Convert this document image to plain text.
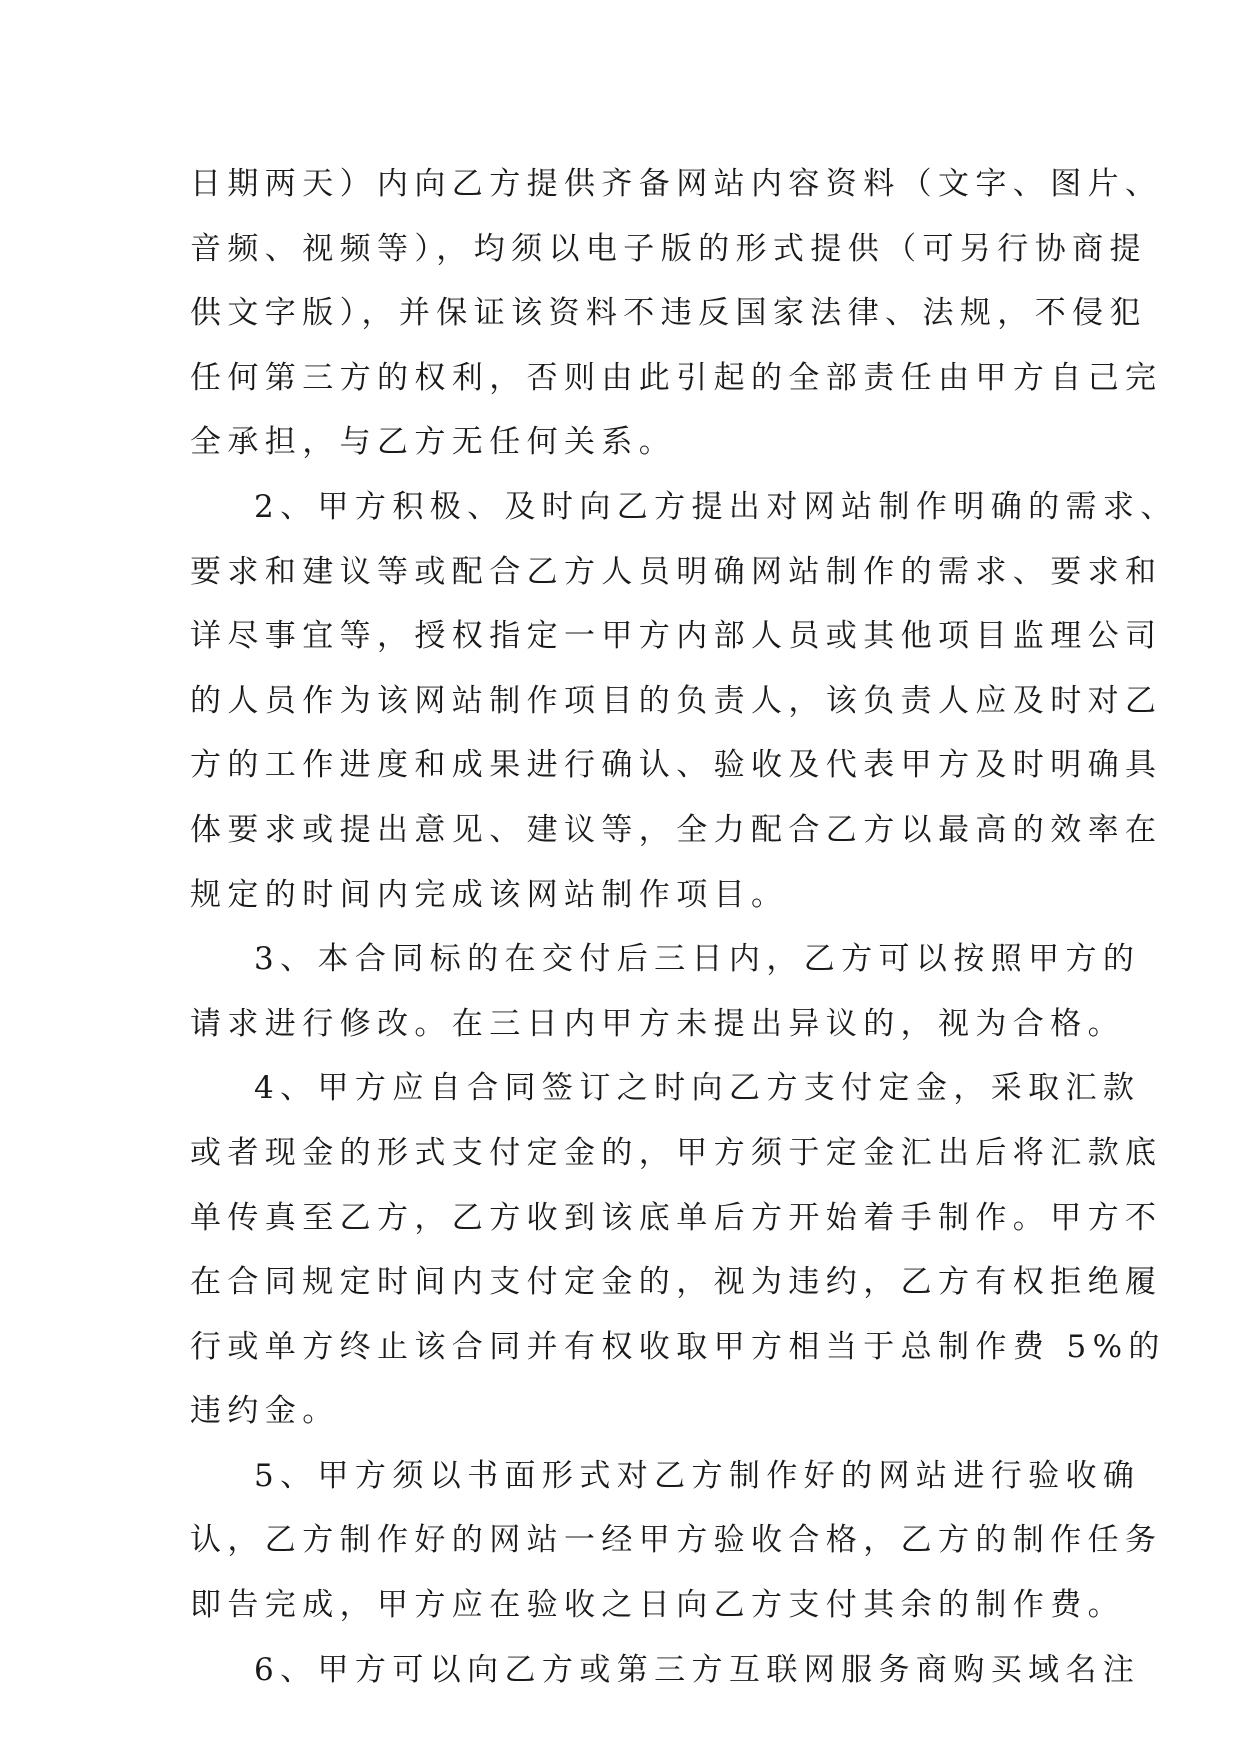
日期两天）内向乙方提供齐备网站内容资料（文字、图片、
音频、视频等），均须以电子版的形式提供（可另行协商提
供文字版），并保证该资料不违反国家法律、法规，不侵犯
任何第三方的权利，否则由此引起的全部责任由甲方自己完
全承担，与乙方无任何关系。
2、甲方积极、及时向乙方提出对网站制作明确的需求、
要求和建议等或配合乙方人员明确网站制作的需求、要求和
详尽事宜等，授权指定一甲方内部人员或其他项目监理公司
的人员作为该网站制作项目的负责人，该负责人应及时对乙
方的工作进度和成果进行确认、验收及代表甲方及时明确具
体要求或提出意见、建议等，全力配合乙方以最高的效率在
规定的时间内完成该网站制作项目。
3、本合同标的在交付后三日内，乙方可以按照甲方的
请求进行修改。在三日内甲方未提出异议的，视为合格。
4、甲方应自合同签订之时向乙方支付定金，采取汇款
或者现金的形式支付定金的，甲方须于定金汇出后将汇款底
单传真至乙方，乙方收到该底单后方开始着手制作。甲方不
在合同规定时间内支付定金的，视为违约，乙方有权拒绝履
行或单方终止该合同并有权收取甲方相当于总制作费 5%的
违约金。
5、甲方须以书面形式对乙方制作好的网站进行验收确
认，乙方制作好的网站一经甲方验收合格，乙方的制作任务
即告完成，甲方应在验收之日向乙方支付其余的制作费。
6、甲方可以向乙方或第三方互联网服务商购买域名注
